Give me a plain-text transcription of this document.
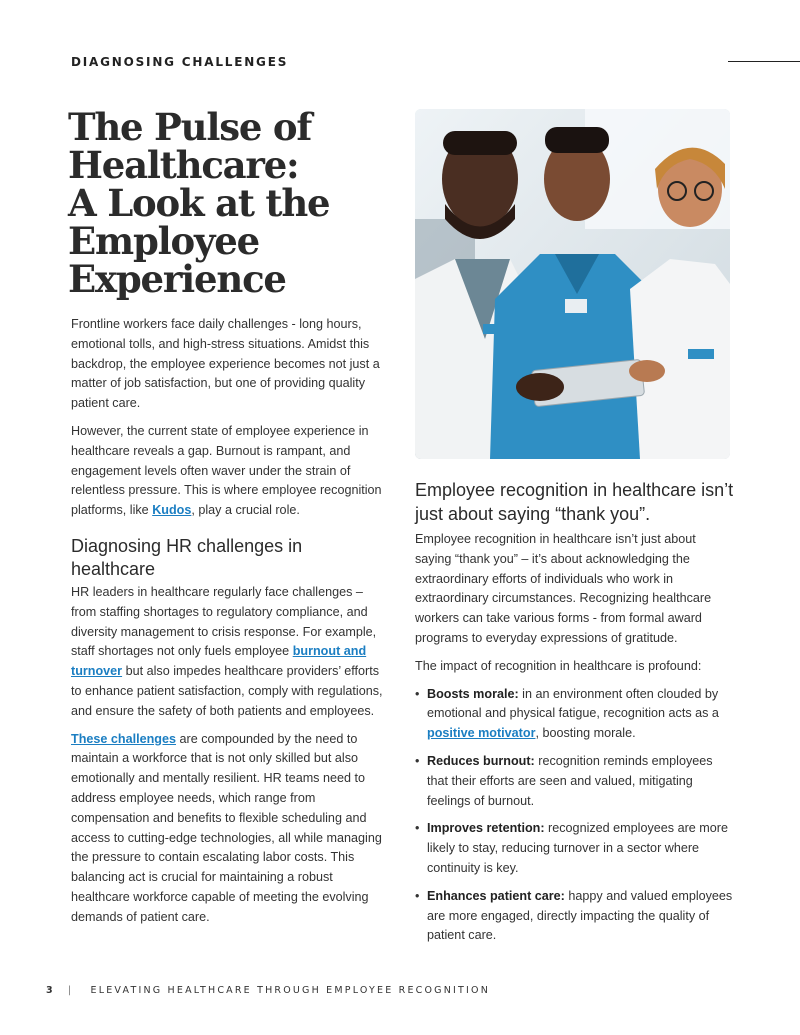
DIAGNOSING CHALLENGES
The Pulse of
Healthcare:
A Look at the
Employee
Experience

Frontline workers face daily challenges - long hours, emotional tolls, and high-stress situations. Amidst this backdrop, the employee experience becomes not just a matter of job satisfaction, but one of providing quality patient care.

However, the current state of employee experience in healthcare reveals a gap. Burnout is rampant, and engagement levels often waver under the strain of relentless pressure. This is where employee recognition platforms, like Kudos, play a crucial role.

Diagnosing HR challenges in healthcare

HR leaders in healthcare regularly face challenges – from staffing shortages to regulatory compliance, and diversity management to crisis response. For example, staff shortages not only fuels employee burnout and turnover but also impedes healthcare providers’ efforts to enhance patient satisfaction, comply with regulations, and ensure the safety of both patients and employees.

These challenges are compounded by the need to maintain a workforce that is not only skilled but also emotionally and mentally resilient. HR teams need to address employee needs, which range from compensation and benefits to flexible scheduling and access to cutting-edge technologies, all while managing the pressure to contain escalating labor costs. This balancing act is crucial for maintaining a robust healthcare workforce capable of meeting the evolving demands of patient care.

Employee recognition in healthcare isn’t just about saying “thank you”.

Employee recognition in healthcare isn’t just about saying “thank you” – it’s about acknowledging the extraordinary efforts of individuals who work in extraordinary circumstances. Recognizing healthcare workers can take various forms - from formal award programs to everyday expressions of gratitude.

The impact of recognition in healthcare is profound:

• Boosts morale: in an environment often clouded by emotional and physical fatigue, recognition acts as a positive motivator, boosting morale.
• Reduces burnout: recognition reminds employees that their efforts are seen and valued, mitigating feelings of burnout.
• Improves retention: recognized employees are more likely to stay, reducing turnover in a sector where continuity is key.
• Enhances patient care: happy and valued employees are more engaged, directly impacting the quality of patient care.
3 | ELEVATING HEALTHCARE THROUGH EMPLOYEE RECOGNITION
